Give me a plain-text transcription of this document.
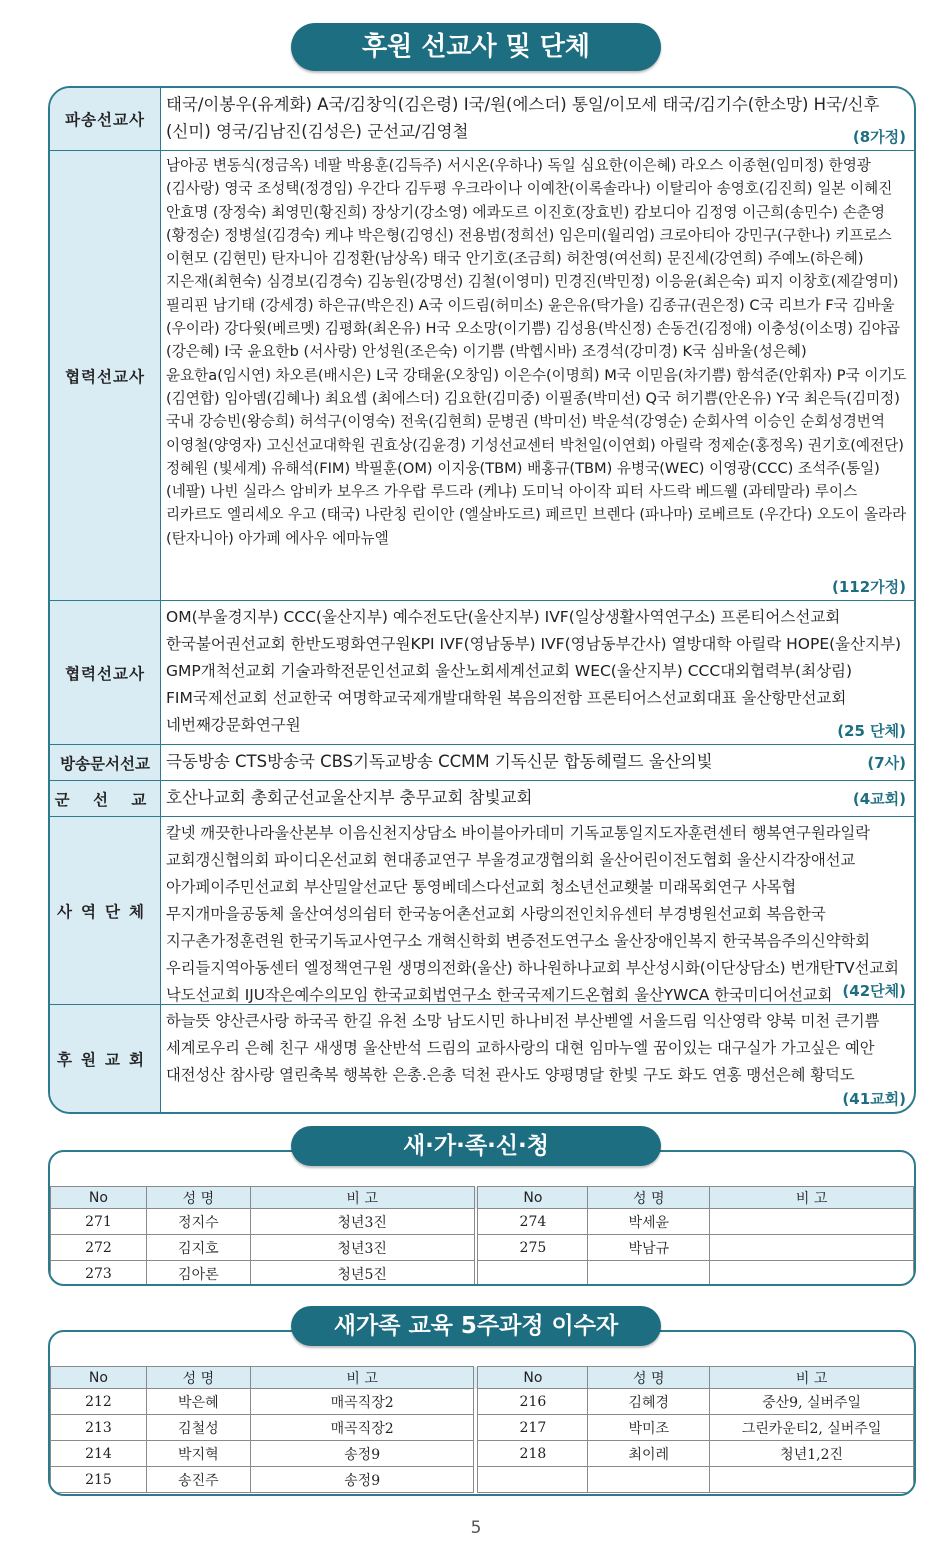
후원 선교사 및 단체
파송선교사
태국/이봉우(유계화) A국/김창익(김은령) I국/원(에스더) 통일/이모세 태국/김기수(한소망) H국/신후(신미) 영국/김남진(김성은) 군선교/김영철	(8가정)
협력선교사
남아공 변동식(정금옥) 네팔 박용훈(김득주) 서시온(우하나) 독일 심요한(이은혜) 라오스 이종현(임미정) 한영광(김사랑) 영국 조성택(정경임) 우간다 김두평 우크라이나 이예찬(이록솔라나) 이탈리아 송영호(김진희) 일본 이혜진 안효명 (장정숙) 최영민(황진희) 장상기(강소영) 에콰도르 이진호(장효빈) 캄보디아 김정영 이근희(송민수) 손춘영(황정순) 정병설(김경숙) 케냐 박은형(김영신) 전용범(정희선) 임은미(월리엄) 크로아티아 강민구(구한나) 키프로스 이현모 (김현민) 탄자니아 김정환(남상옥) 태국 안기호(조금희) 허찬영(여선희) 문진세(강연희) 주예노(하은혜) 지은재(최현숙) 심경보(김경숙) 김농원(강명선) 김철(이영미) 민경진(박민정) 이응윤(최은숙) 피지 이창호(제갈영미) 필리핀 남기태 (강세경) 하은규(박은진) A국 이드림(허미소) 윤은유(탁가을) 김종규(권은정) C국 리브가 F국 김바울(우이라) 강다윗(베르멧) 김평화(최온유) H국 오소망(이기쁨) 김성용(박신정) 손동건(김정애) 이충성(이소명) 김야곱(강은혜) I국 윤요한b (서사랑) 안성원(조은숙) 이기쁨 (박헵시바) 조경석(강미경) K국 심바울(성은혜) 윤요한a(임시연) 차오른(배시은) L국 강태윤(오창임) 이은수(이명희) M국 이믿음(차기쁨) 함석준(안휘자) P국 이기도(김연합) 임아뎀(김혜나) 최요셉 (최에스더) 김요한(김미중) 이필종(박미선) Q국 허기쁨(안온유) Y국 최은득(김미정) 국내 강승빈(왕승희) 허석구(이영숙) 전욱(김현희) 문병권 (박미선) 박운석(강영순) 순회사역 이승인 순회성경번역 이영철(양영자) 고신선교대학원 권효상(김윤경) 기성선교센터 박천일(이연회) 아릴락 정제순(홍정옥) 권기호(예전단) 정혜원 (빛세계) 유해석(FIM) 박필훈(OM) 이지웅(TBM) 배홍규(TBM) 유병국(WEC) 이영광(CCC) 조석주(통일) (네팔) 나빈 실라스 암비카 보우즈 가우랍 루드라 (케냐) 도미닉 아이작 피터 사드락 베드웰 (과테말라) 루이스 리카르도 엘리세오 우고 (태국) 나란칭 린이안 (엘살바도르) 페르민 브렌다 (파나마) 로베르토 (우간다) 오도이 올라라 (탄자니아) 아가페 에사우 에마뉴엘
(112가정)
협력선교사
OM(부울경지부) CCC(울산지부) 예수전도단(울산지부) IVF(일상생활사역연구소) 프론티어스선교회 한국불어권선교회 한반도평화연구원KPI IVF(영남동부) IVF(영남동부간사) 열방대학 아릴락 HOPE(울산지부) GMP개척선교회 기술과학전문인선교회 울산노회세계선교회 WEC(울산지부) CCC대외협력부(최상림) FIM국제선교회 선교한국 여명학교국제개발대학원 복음의전함 프론티어스선교회대표 울산항만선교회 네번째강문화연구원	(25 단체)
방송문서선교 극동방송 CTS방송국 CBS기독교방송 CCMM 기독신문 합동헤럴드 울산의빛	(7사)
군 선 교 호산나교회 총회군선교울산지부 충무교회 참빛교회	(4교회)
사역단체
칼넷 깨끗한나라울산본부 이음신천지상담소 바이블아카데미 기독교통일지도자훈련센터 행복연구원라일락 교회갱신협의회 파이디온선교회 현대종교연구 부울경교갱협의회 울산어린이전도협회 울산시각장애선교 아가페이주민선교회 부산밀알선교단 통영베데스다선교회 청소년선교횃불 미래목회연구 사목협 무지개마을공동체 울산여성의쉼터 한국농어촌선교회 사랑의전인치유센터 부경병원선교회 복음한국 지구촌가정훈련원 한국기독교사연구소 개혁신학회 변증전도연구소 울산장애인복지 한국복음주의신약학회 우리들지역아동센터 엘정책연구원 생명의전화(울산) 하나원하나교회 부산성시화(이단상담소) 번개탄TV선교회 낙도선교회 IJU작은예수의모임 한국교회법연구소 한국국제기드온협회 울산YWCA 한국미디어선교회 (42단체)
후원교회
하늘뜻 양산큰사랑 하국곡 한길 유천 소망 남도시민 하나비전 부산벧엘 서울드림 익산영락 양북 미천 큰기쁨 세계로우리 은혜 친구 새생명 울산반석 드림의 교하사랑의 대현 임마누엘 꿈이있는 대구실가 가고싶은 예안 대전성산 참사랑 열린축복 행복한 은총.은총 덕천 관사도 양평명달 한빛 구도 화도 연홍 맹선은혜 황덕도
(41교회)
No	성 명	비 고		No	성 명	비 고
271	정지수	청년3진		274	박세윤	
272	김지호	청년3진		275	박남규	
273	김아론	청년5진				
새·가·족·신·청
No	성 명	비 고		No	성 명	비 고
212	박은혜	매곡직장2		216	김혜경	중산9, 실버주일
213	김철성	매곡직장2		217	박미조	그린카운티2, 실버주일
214	박지혁	송정9		218	최이레	청년1,2진
215	송진주	송정9				
새가족 교육 5주과정 이수자
5
